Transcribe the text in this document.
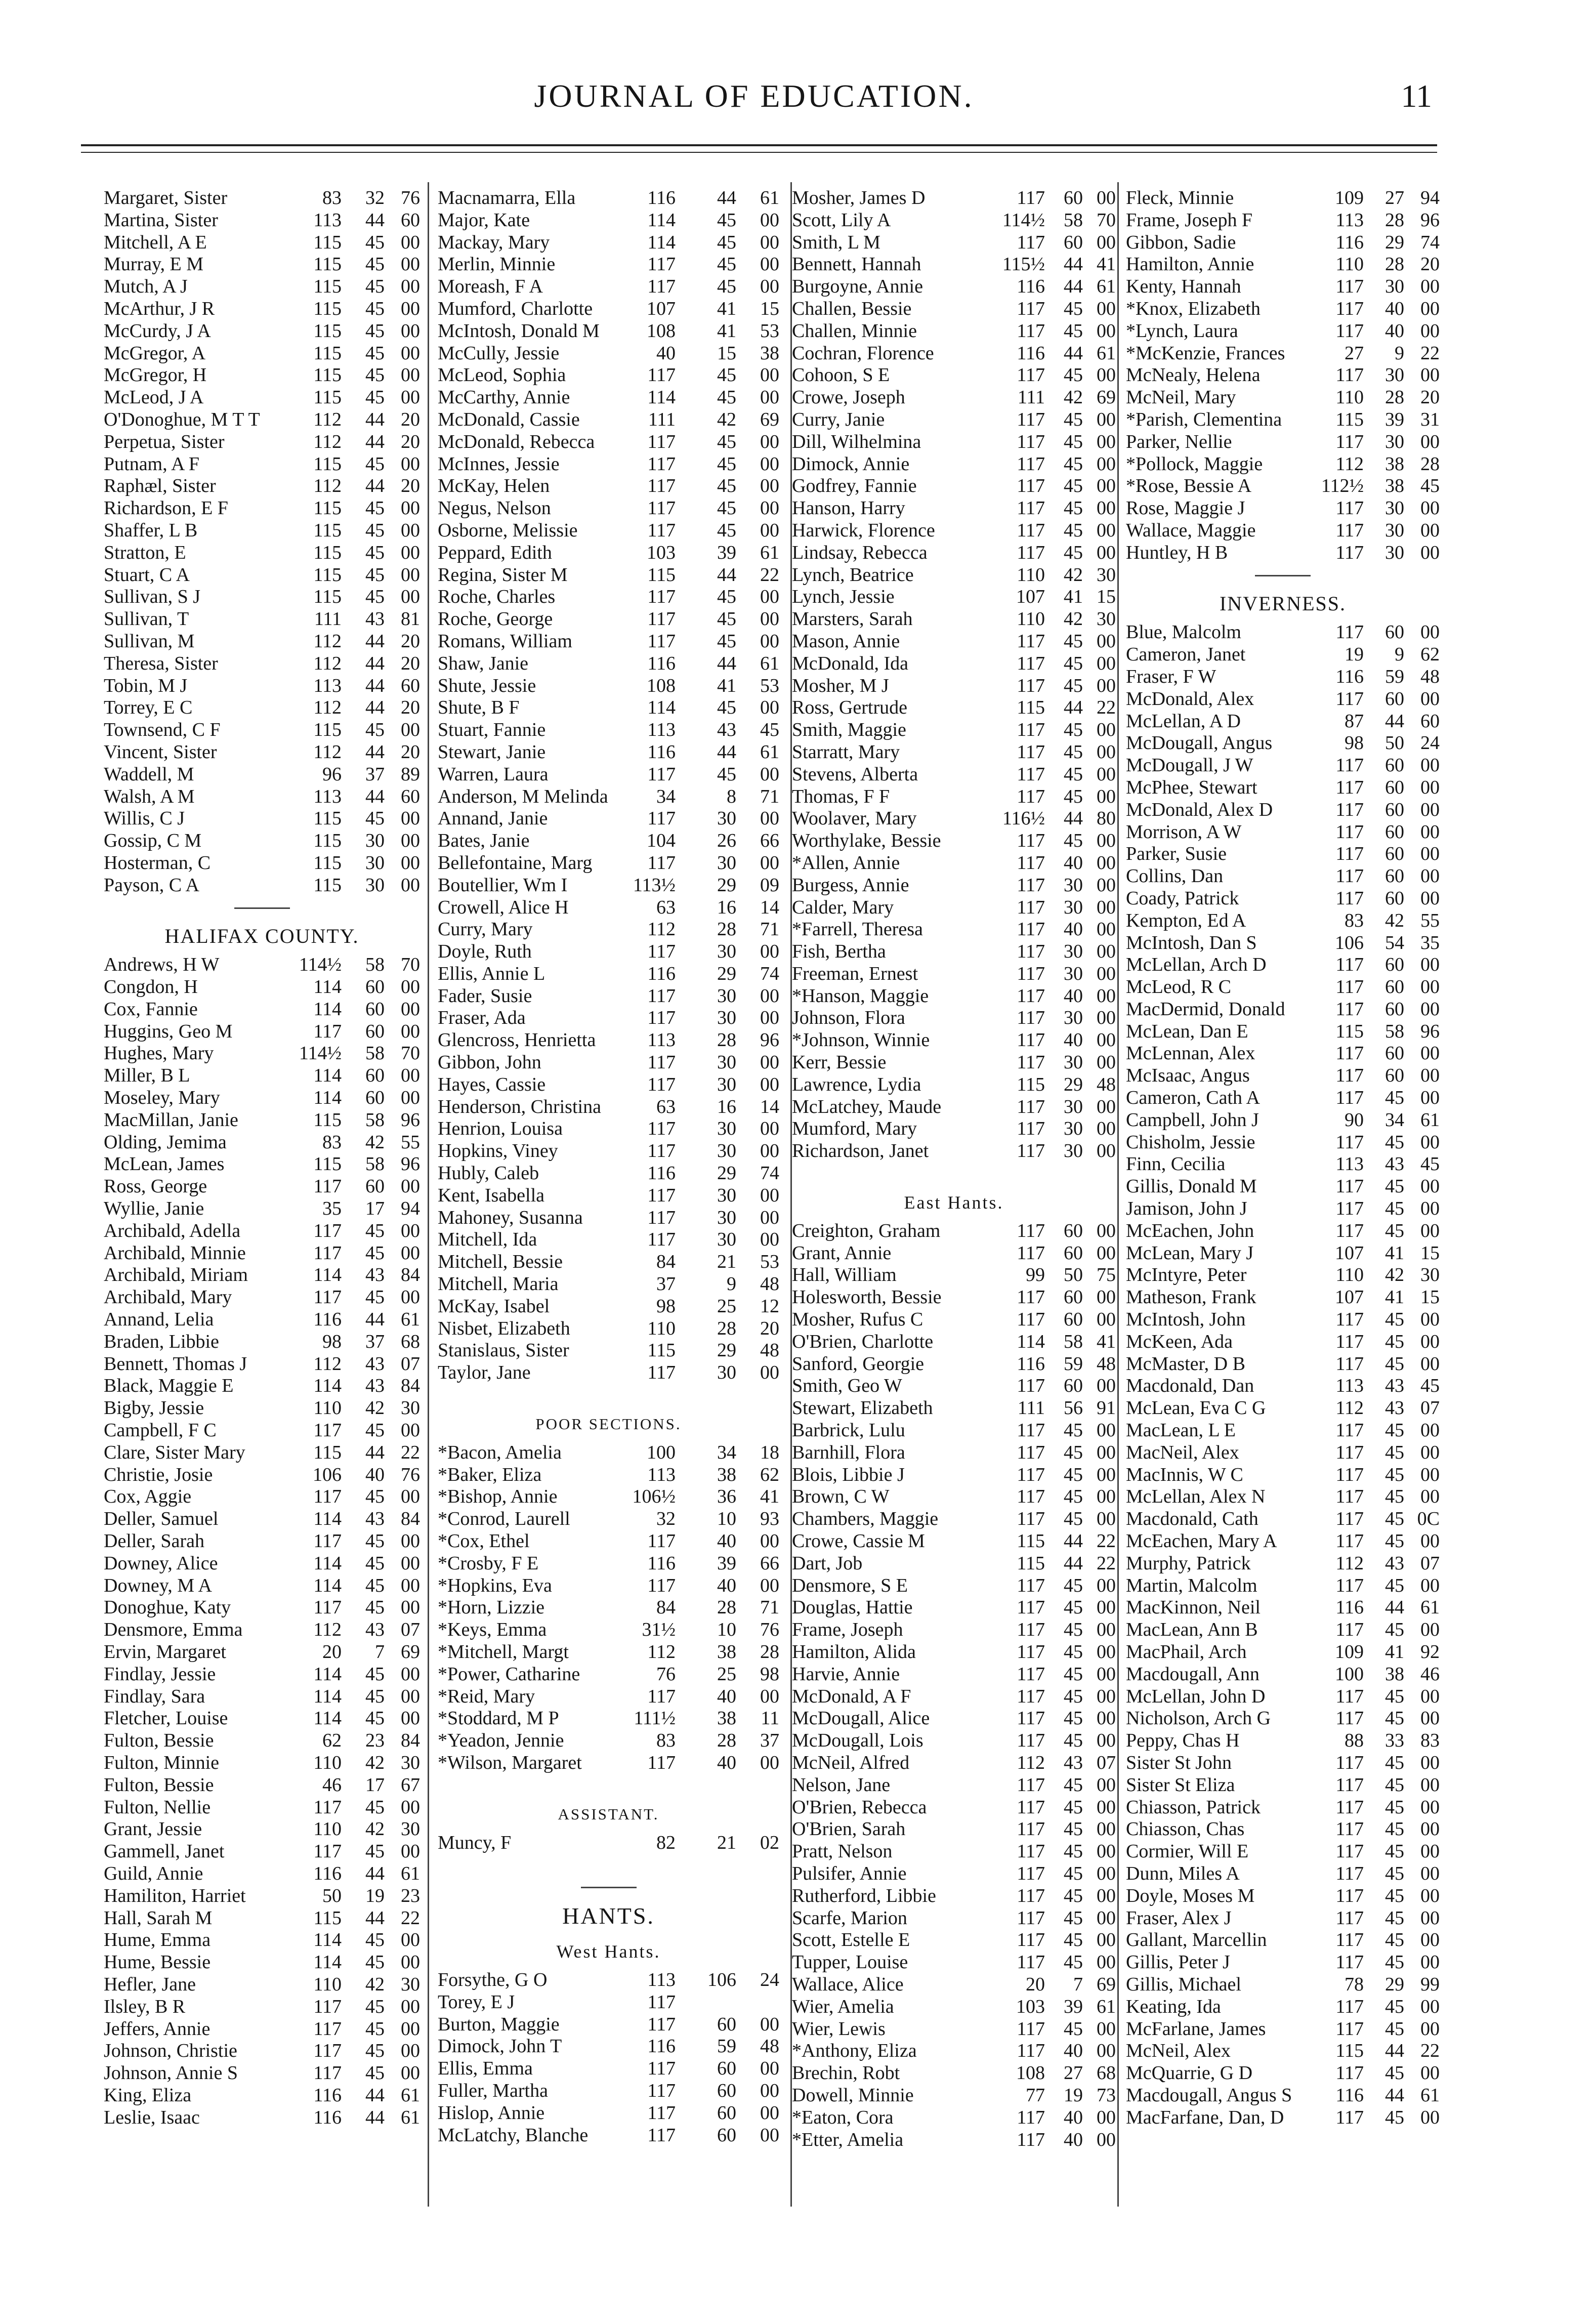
JOURNAL OF EDUCATION.	11
Margaret, Sister	83	32 76
Martina, Sister	113	44 60
Mitchell, A E	115	45 00
Murray, E M	115	45 00
Mutch, A J	115	45 00
McArthur, J R	115	45 00
McCurdy, J A	115	45 00
McGregor, A	115	45 00
McGregor, H	115	45 00
McLeod, J A	115	45 00
O'Donoghue, M T T	112	44 20
Perpetua, Sister	112	44 20
Putnam, A F	115	45 00
Raphæl, Sister	112	44 20
Richardson, E F	115	45 00
Shaffer, L B	115	45 00
Stratton, E	115	45 00
Stuart, C A	115	45 00
Sullivan, S J	115	45 00
Sullivan, T	111	43 81
Sullivan, M	112	44 20
Theresa, Sister	112	44 20
Tobin, M J	113	44 60
Torrey, E C	112	44 20
Townsend, C F	115	45 00
Vincent, Sister	112	44 20
Waddell, M	96	37 89
Walsh, A M	113	44 60
Willis, C J	115	45 00
Gossip, C M	115	30 00
Hosterman, C	115	30 00
Payson, C A	115	30 00
HALIFAX COUNTY.
Andrews, H W	114½	58 70
Congdon, H	114	60 00
Cox, Fannie	114	60 00
Huggins, Geo M	117	60 00
Hughes, Mary	114½	58 70
Miller, B L	114	60 00
Moseley, Mary	114	60 00
MacMillan, Janie	115	58 96
Olding, Jemima	83	42 55
McLean, James	115	58 96
Ross, George	117	60 00
Wyllie, Janie	35	17 94
Archibald, Adella	117	45 00
Archibald, Minnie	117	45 00
Archibald, Miriam	114	43 84
Archibald, Mary	117	45 00
Annand, Lelia	116	44 61
Braden, Libbie	98	37 68
Bennett, Thomas J	112	43 07
Black, Maggie E	114	43 84
Bigby, Jessie	110	42 30
Campbell, F C	117	45 00
Clare, Sister Mary	115	44 22
Christie, Josie	106	40 76
Cox, Aggie	117	45 00
Deller, Samuel	114	43 84
Deller, Sarah	117	45 00
Downey, Alice	114	45 00
Downey, M A	114	45 00
Donoghue, Katy	117	45 00
Densmore, Emma	112	43 07
Ervin, Margaret	20	7 69
Findlay, Jessie	114	45 00
Findlay, Sara	114	45 00
Fletcher, Louise	114	45 00
Fulton, Bessie	62	23 84
Fulton, Minnie	110	42 30
Fulton, Bessie	46	17 67
Fulton, Nellie	117	45 00
Grant, Jessie	110	42 30
Gammell, Janet	117	45 00
Guild, Annie	116	44 61
Hamiliton, Harriet	50	19 23
Hall, Sarah M	115	44 22
Hume, Emma	114	45 00
Hume, Bessie	114	45 00
Hefler, Jane	110	42 30
Ilsley, B R	117	45 00
Jeffers, Annie	117	45 00
Johnson, Christie	117	45 00
Johnson, Annie S	117	45 00
King, Eliza	116	44 61
Leslie, Isaac	116	44 61
Macnamarra, Ella	116	44	61
Major, Kate	114	45	00
Mackay, Mary	114	45	00
Merlin, Minnie	117	45	00
Moreash, F A	117	45	00
Mumford, Charlotte	107	41	15
McIntosh, Donald M	108	41	53
McCully, Jessie	40	15	38
McLeod, Sophia	117	45	00
McCarthy, Annie	114	45	00
McDonald, Cassie	111	42	69
McDonald, Rebecca	117	45	00
McInnes, Jessie	117	45	00
McKay, Helen	117	45	00
Negus, Nelson	117	45	00
Osborne, Melissie	117	45	00
Peppard, Edith	103	39	61
Regina, Sister M	115	44	22
Roche, Charles	117	45	00
Roche, George	117	45	00
Romans, William	117	45	00
Shaw, Janie	116	44	61
Shute, Jessie	108	41	53
Shute, B F	114	45	00
Stuart, Fannie	113	43	45
Stewart, Janie	116	44	61
Warren, Laura	117	45	00
Anderson, M Melinda	34	8	71
Annand, Janie	117	30	00
Bates, Janie	104	26	66
Bellefontaine, Marg	117	30	00
Boutellier, Wm I	113½	29	09
Crowell, Alice H	63	16	14
Curry, Mary	112	28	71
Doyle, Ruth	117	30	00
Ellis, Annie L	116	29	74
Fader, Susie	117	30	00
Fraser, Ada	117	30	00
Glencross, Henrietta	113	28	96
Gibbon, John	117	30	00
Hayes, Cassie	117	30	00
Henderson, Christina	63	16	14
Henrion, Louisa	117	30	00
Hopkins, Viney	117	30	00
Hubly, Caleb	116	29	74
Kent, Isabella	117	30	00
Mahoney, Susanna	117	30	00
Mitchell, Ida	117	30	00
Mitchell, Bessie	84	21	53
Mitchell, Maria	37	9	48
McKay, Isabel	98	25	12
Nisbet, Elizabeth	110	28	20
Stanislaus, Sister	115	29	48
Taylor, Jane	117	30	00
POOR SECTIONS.
*Bacon, Amelia	100	34	18
*Baker, Eliza	113	38	62
*Bishop, Annie	106½	36	41
*Conrod, Laurell	32	10	93
*Cox, Ethel	117	40	00
*Crosby, F E	116	39	66
*Hopkins, Eva	117	40	00
*Horn, Lizzie	84	28	71
*Keys, Emma	31½	10	76
*Mitchell, Margt	112	38	28
*Power, Catharine	76	25	98
*Reid, Mary	117	40	00
*Stoddard, M P	111½	38	11
*Yeadon, Jennie	83	28	37
*Wilson, Margaret	117	40	00
ASSISTANT.
Muncy, F	82	21	02
HANTS.
West Hants.
Forsythe, G O	113	106	24
Torey, E J	117
Burton, Maggie	117	60	00
Dimock, John T	116	59	48
Ellis, Emma	117	60	00
Fuller, Martha	117	60	00
Hislop, Annie	117	60	00
McLatchy, Blanche	117	60	00
Mosher, James D	117 60 00
Scott, Lily A	114½ 58 70
Smith, L M	117 60 00
Bennett, Hannah	115½ 44 41
Burgoyne, Annie	116 44 61
Challen, Bessie	117 45 00
Challen, Minnie	117 45 00
Cochran, Florence	116 44 61
Cohoon, S E	117 45 00
Crowe, Joseph	111 42 69
Curry, Janie	117 45 00
Dill, Wilhelmina	117 45 00
Dimock, Annie	117 45 00
Godfrey, Fannie	117 45 00
Hanson, Harry	117 45 00
Harwick, Florence	117 45 00
Lindsay, Rebecca	117 45 00
Lynch, Beatrice	110 42 30
Lynch, Jessie	107 41 15
Marsters, Sarah	110 42 30
Mason, Annie	117 45 00
McDonald, Ida	117 45 00
Mosher, M J	117 45 00
Ross, Gertrude	115 44 22
Smith, Maggie	117 45 00
Starratt, Mary	117 45 00
Stevens, Alberta	117 45 00
Thomas, F F	117 45 00
Woolaver, Mary	116½ 44 80
Worthylake, Bessie	117 45 00
*Allen, Annie	117 40 00
Burgess, Annie	117 30 00
Calder, Mary	117 30 00
*Farrell, Theresa	117 40 00
Fish, Bertha	117 30 00
Freeman, Ernest	117 30 00
*Hanson, Maggie	117 40 00
Johnson, Flora	117 30 00
*Johnson, Winnie	117 40 00
Kerr, Bessie	117 30 00
Lawrence, Lydia	115 29 48
McLatchey, Maude	117 30 00
Mumford, Mary	117 30 00
Richardson, Janet	117 30 00
East Hants.
Creighton, Graham	117 60 00
Grant, Annie	117 60 00
Hall, William	99 50 75
Holesworth, Bessie	117 60 00
Mosher, Rufus C	117 60 00
O'Brien, Charlotte	114 58 41
Sanford, Georgie	116 59 48
Smith, Geo W	117 60 00
Stewart, Elizabeth	111 56 91
Barbrick, Lulu	117 45 00
Barnhill, Flora	117 45 00
Blois, Libbie J	117 45 00
Brown, C W	117 45 00
Chambers, Maggie	117 45 00
Crowe, Cassie M	115 44 22
Dart, Job	115 44 22
Densmore, S E	117 45 00
Douglas, Hattie	117 45 00
Frame, Joseph	117 45 00
Hamilton, Alida	117 45 00
Harvie, Annie	117 45 00
McDonald, A F	117 45 00
McDougall, Alice	117 45 00
McDougall, Lois	117 45 00
McNeil, Alfred	112 43 07
Nelson, Jane	117 45 00
O'Brien, Rebecca	117 45 00
O'Brien, Sarah	117 45 00
Pratt, Nelson	117 45 00
Pulsifer, Annie	117 45 00
Rutherford, Libbie	117 45 00
Scarfe, Marion	117 45 00
Scott, Estelle E	117 45 00
Tupper, Louise	117 45 00
Wallace, Alice	20	7 69
Wier, Amelia	103 39 61
Wier, Lewis	117 45 00
*Anthony, Eliza	117 40 00
Brechin, Robt	108 27 68
Dowell, Minnie	77 19 73
*Eaton, Cora	117 40 00
*Etter, Amelia	117 40 00
Fleck, Minnie	109	27 94
Frame, Joseph F	113	28 96
Gibbon, Sadie	116	29 74
Hamilton, Annie	110	28 20
Kenty, Hannah	117	30 00
*Knox, Elizabeth	117	40 00
*Lynch, Laura	117	40 00
*McKenzie, Frances	27	9 22
McNealy, Helena	117	30 00
McNeil, Mary	110	28 20
*Parish, Clementina	115	39 31
Parker, Nellie	117	30 00
*Pollock, Maggie	112	38 28
*Rose, Bessie A	112½	38 45
Rose, Maggie J	117	30 00
Wallace, Maggie	117	30 00
Huntley, H B	117	30 00
INVERNESS.
Blue, Malcolm	117	60 00
Cameron, Janet	19	9 62
Fraser, F W	116	59 48
McDonald, Alex	117	60 00
McLellan, A D	87	44 60
McDougall, Angus	98	50 24
McDougall, J W	117	60 00
McPhee, Stewart	117	60 00
McDonald, Alex D	117	60 00
Morrison, A W	117	60 00
Parker, Susie	117	60 00
Collins, Dan	117	60 00
Coady, Patrick	117	60 00
Kempton, Ed A	83	42 55
McIntosh, Dan S	106	54 35
McLellan, Arch D	117	60 00
McLeod, R C	117	60 00
MacDermid, Donald	117	60 00
McLean, Dan E	115	58 96
McLennan, Alex	117	60 00
McIsaac, Angus	117	60 00
Cameron, Cath A	117	45 00
Campbell, John J	90	34 61
Chisholm, Jessie	117	45 00
Finn, Cecilia	113	43 45
Gillis, Donald M	117	45 00
Jamison, John J	117	45 00
McEachen, John	117	45 00
McLean, Mary J	107	41 15
McIntyre, Peter	110	42 30
Matheson, Frank	107	41 15
McIntosh, John	117	45 00
McKeen, Ada	117	45 00
McMaster, D B	117	45 00
Macdonald, Dan	113	43 45
McLean, Eva C G	112	43 07
MacLean, L E	117	45 00
MacNeil, Alex	117	45 00
MacInnis, W C	117	45 00
McLellan, Alex N	117	45 00
Macdonald, Cath	117	45 0C
McEachen, Mary A	117	45 00
Murphy, Patrick	112	43 07
Martin, Malcolm	117	45 00
MacKinnon, Neil	116	44 61
MacLean, Ann B	117	45 00
MacPhail, Arch	109	41 92
Macdougall, Ann	100	38 46
McLellan, John D	117	45 00
Nicholson, Arch G	117	45 00
Peppy, Chas H	88	33 83
Sister St John	117	45 00
Sister St Eliza	117	45 00
Chiasson, Patrick	117	45 00
Chiasson, Chas	117	45 00
Cormier, Will E	117	45 00
Dunn, Miles A	117	45 00
Doyle, Moses M	117	45 00
Fraser, Alex J	117	45 00
Gallant, Marcellin	117	45 00
Gillis, Peter J	117	45 00
Gillis, Michael	78	29 99
Keating, Ida	117	45 00
McFarlane, James	117	45 00
McNeil, Alex	115	44 22
McQuarrie, G D	117	45 00
Macdougall, Angus S	116	44 61
MacFarfane, Dan, D	117	45 00
